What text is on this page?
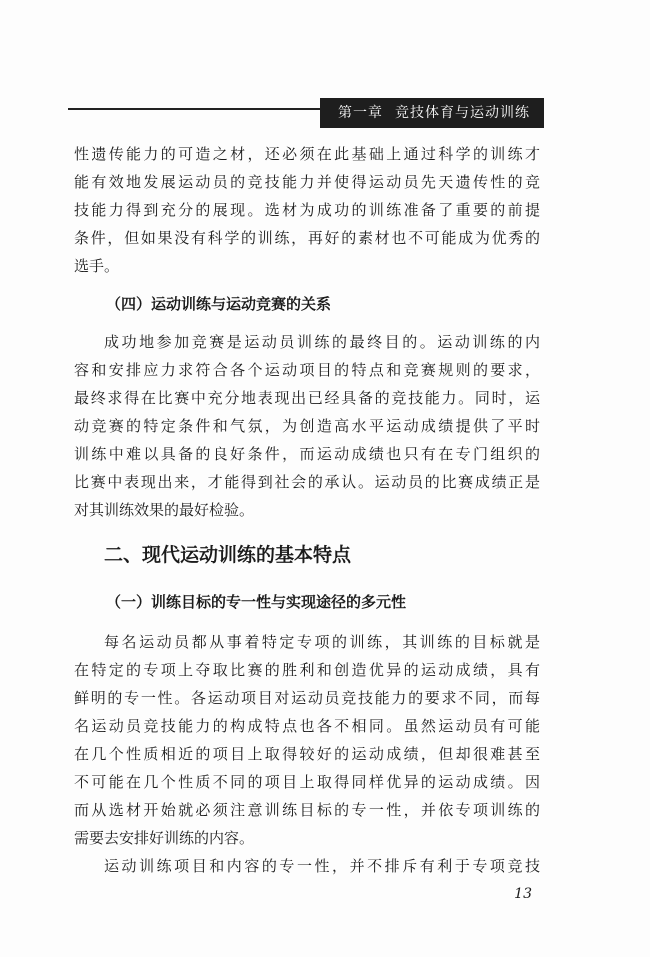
第一章 竞技体育与运动训练

性遗传能力的可造之材，还必须在此基础上通过科学的训练才

能有效地发展运动员的竞技能力并使得运动员先天遗传性的竞

技能力得到充分的展现。选材为成功的训练准备了重要的前提

条件，但如果没有科学的训练，再好的素材也不可能成为优秀的

选手。

（四）运动训练与运动竞赛的关系

成功地参加竞赛是运动员训练的最终目的。运动训练的内

容和安排应力求符合各个运动项目的特点和竞赛规则的要求，

最终求得在比赛中充分地表现出已经具备的竞技能力。同时，运

动竞赛的特定条件和气氛，为创造高水平运动成绩提供了平时

训练中难以具备的良好条件，而运动成绩也只有在专门组织的

比赛中表现出来，才能得到社会的承认。运动员的比赛成绩正是

对其训练效果的最好检验。

二、现代运动训练的基本特点

（一）训练目标的专一性与实现途径的多元性

每名运动员都从事着特定专项的训练，其训练的目标就是

在特定的专项上夺取比赛的胜利和创造优异的运动成绩，具有

鲜明的专一性。各运动项目对运动员竞技能力的要求不同，而每

名运动员竞技能力的构成特点也各不相同。虽然运动员有可能

在几个性质相近的项目上取得较好的运动成绩，但却很难甚至

不可能在几个性质不同的项目上取得同样优异的运动成绩。因

而从选材开始就必须注意训练目标的专一性，并依专项训练的

需要去安排好训练的内容。

运动训练项目和内容的专一性，并不排斥有利于专项竞技

13
